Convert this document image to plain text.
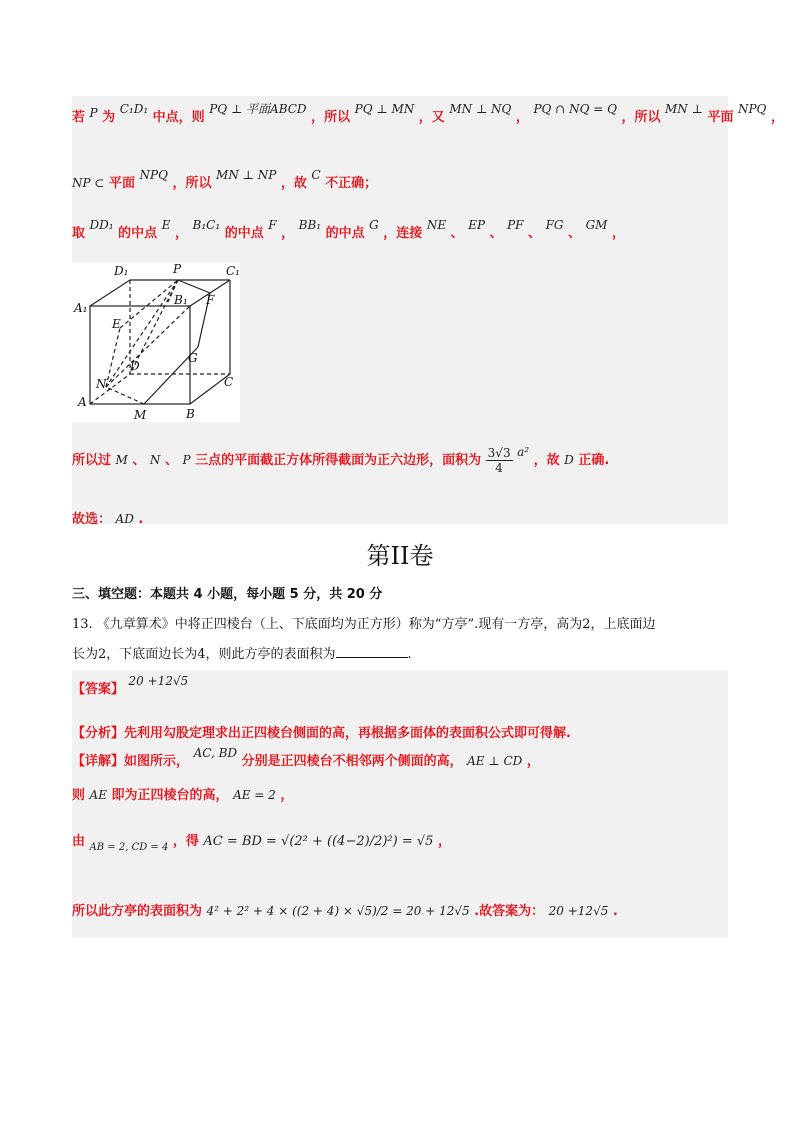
若 P 为 C₁D₁ 中点，则 PQ ⊥ 平面ABCD ，所以 PQ ⊥ MN ，又 MN ⊥ NQ ， PQ ∩ NQ = Q ，所以 MN ⊥ 平面 NPQ ，
NP ⊂ 平面 NPQ ，所以 MN ⊥ NP ，故 C 不正确；
取 DD₁ 的中点 E ， B₁C₁ 的中点 F ， BB₁ 的中点 G ，连接 NE 、 EP 、 PF 、 FG 、 GM ，
D₁	P	C₁
A₁
B₁ F
E
D
G
N	C
A
M	B
所以过 M 、 N 、 P 三点的平面截正方体所得截面为正六边形，面积为 $\frac{3√3}{4} a^2$ ，故 D 正确.
故选： AD .
第II卷
三、填空题：本题共 4 小题，每小题 5 分，共 20 分
13. 《九章算术》中将正四棱台（上、下底面均为正方形）称为“方亭”.现有一方亭，高为2，上底面边
长为2，下底面边长为4，则此方亭的表面积为	.
【答案】 20 +12√5
【分析】先利用勾股定理求出正四棱台侧面的高，再根据多面体的表面积公式即可得解.
【详解】如图所示， AC, BD 分别是正四棱台不相邻两个侧面的高， AE ⊥ CD ，
则 AE 即为正四棱台的高， AE = 2 ，
由 $_{AB = 2, CD = 4}$ ，得 AC = BD = √(2² + ((4−2)/2)²) = √5 ，
所以此方亭的表面积为 4² + 2² + 4 × ((2 + 4) × √5)/2 = 20 + 12√5 .故答案为： 20 +12√5 .
